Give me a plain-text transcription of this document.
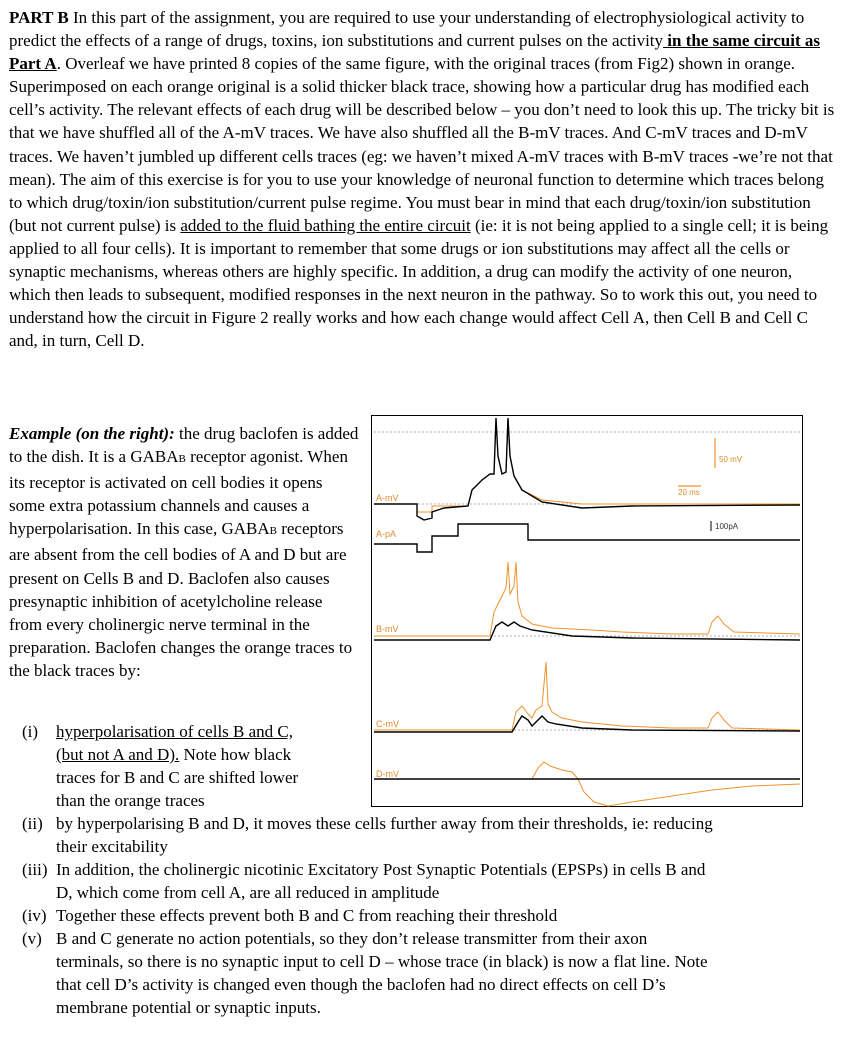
PART B In this part of the assignment, you are required to use your understanding of electrophysiological activity to predict the effects of a range of drugs, toxins, ion substitutions and current pulses on the activity in the same circuit as Part A. Overleaf we have printed 8 copies of the same figure, with the original traces (from Fig2) shown in orange. Superimposed on each orange original is a solid thicker black trace, showing how a particular drug has modified each cell’s activity. The relevant effects of each drug will be described below – you don’t need to look this up. The tricky bit is that we have shuffled all of the A-mV traces. We have also shuffled all the B-mV traces. And C-mV traces and D-mV traces. We haven’t jumbled up different cells traces (eg: we haven’t mixed A-mV traces with B-mV traces -we’re not that mean). The aim of this exercise is for you to use your knowledge of neuronal function to determine which traces belong to which drug/toxin/ion substitution/current pulse regime. You must bear in mind that each drug/toxin/ion substitution (but not current pulse) is added to the fluid bathing the entire circuit (ie: it is not being applied to a single cell; it is being applied to all four cells). It is important to remember that some drugs or ion substitutions may affect all the cells or synaptic mechanisms, whereas others are highly specific. In addition, a drug can modify the activity of one neuron, which then leads to subsequent, modified responses in the next neuron in the pathway. So to work this out, you need to understand how the circuit in Figure 2 really works and how each change would affect Cell A, then Cell B and Cell C and, in turn, Cell D.

Example (on the right): the drug baclofen is added to the dish. It is a GABAB receptor agonist. When its receptor is activated on cell bodies it opens some extra potassium channels and causes a hyperpolarisation. In this case, GABAB receptors are absent from the cell bodies of A and D but are present on Cells B and D. Baclofen also causes presynaptic inhibition of acetylcholine release from every cholinergic nerve terminal in the preparation. Baclofen changes the orange traces to the black traces by:

A-mV
A-pA
B-mV
C-mV
D-mV
50 mV
20 ms
100pA
(i) hyperpolarisation of cells B and C,
(but not A and D). Note how black
traces for B and C are shifted lower
than the orange traces
(ii) by hyperpolarising B and D, it moves these cells further away from their thresholds, ie: reducing
their excitability
(iii) In addition, the cholinergic nicotinic Excitatory Post Synaptic Potentials (EPSPs) in cells B and
D, which come from cell A, are all reduced in amplitude
(iv) Together these effects prevent both B and C from reaching their threshold
(v) B and C generate no action potentials, so they don’t release transmitter from their axon
terminals, so there is no synaptic input to cell D – whose trace (in black) is now a flat line. Note
that cell D’s activity is changed even though the baclofen had no direct effects on cell D’s
membrane potential or synaptic inputs.
